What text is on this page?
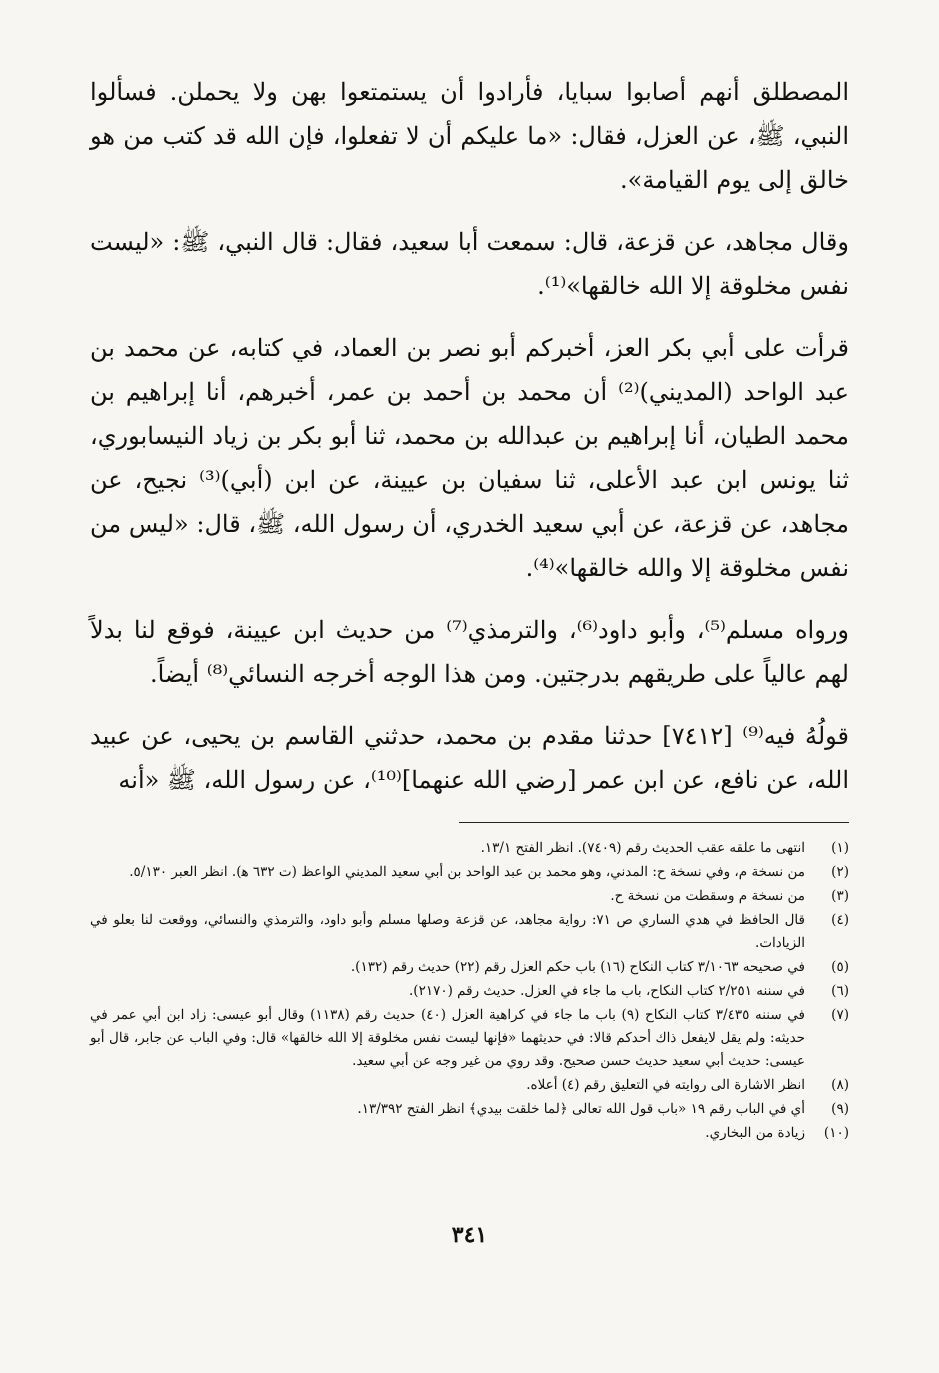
المصطلق أنهم أصابوا سبايا، فأرادوا أن يستمتعوا بهن ولا يحملن. فسألوا النبي، ﷺ، عن العزل، فقال: «ما عليكم أن لا تفعلوا، فإن الله قد كتب من هو خالق إلى يوم القيامة».

وقال مجاهد، عن قزعة، قال: سمعت أبا سعيد، فقال: قال النبي، ﷺ: «ليست نفس مخلوقة إلا الله خالقها»⁽¹⁾.

قرأت على أبي بكر العز، أخبركم أبو نصر بن العماد، في كتابه، عن محمد بن عبد الواحد (المديني)⁽²⁾ أن محمد بن أحمد بن عمر، أخبرهم، أنا إبراهيم بن محمد الطيان، أنا إبراهيم بن عبدالله بن محمد، ثنا أبو بكر بن زياد النيسابوري، ثنا يونس ابن عبد الأعلى، ثنا سفيان بن عيينة، عن ابن (أبي)⁽³⁾ نجيح، عن مجاهد، عن قزعة، عن أبي سعيد الخدري، أن رسول الله، ﷺ، قال: «ليس من نفس مخلوقة إلا والله خالقها»⁽⁴⁾.

ورواه مسلم⁽⁵⁾، وأبو داود⁽⁶⁾، والترمذي⁽⁷⁾ من حديث ابن عيينة، فوقع لنا بدلاً لهم عالياً على طريقهم بدرجتين. ومن هذا الوجه أخرجه النسائي⁽⁸⁾ أيضاً.

قولُهُ فيه⁽⁹⁾ [٧٤١٢] حدثنا مقدم بن محمد، حدثني القاسم بن يحيى، عن عبيد الله، عن نافع، عن ابن عمر [رضي الله عنهما]⁽¹⁰⁾، عن رسول الله، ﷺ «أنه

(١)
انتهى ما علقه عقب الحديث رقم (٧٤٠٩). انظر الفتح ١٣/١.
(٢)
من نسخة م، وفي نسخة ح: المدني، وهو محمد بن عبد الواحد بن أبي سعيد المديني الواعظ (ت ٦٣٢ ﻫ). انظر العبر ٥/١٣٠.
(٣)
من نسخة م وسقطت من نسخة ح.
(٤)
قال الحافظ في هدي الساري ص ٧١: رواية مجاهد، عن قزعة وصلها مسلم وأبو داود، والترمذي والنسائي، ووقعت لنا بعلو في الزيادات.
(٥)
في صحيحه ٣/١٠٦٣ كتاب النكاح (١٦) باب حكم العزل رقم (٢٢) حديث رقم (١٣٢).
(٦)
في سننه ٢/٢٥١ كتاب النكاح، باب ما جاء في العزل. حديث رقم (٢١٧٠).
(٧)
في سننه ٣/٤٣٥ كتاب النكاح (٩) باب ما جاء في كراهية العزل (٤٠) حديث رقم (١١٣٨) وقال أبو عيسى: زاد ابن أبي عمر في حديثه: ولم يقل لايفعل ذاك أحدكم قالا: في حديثهما «فإنها ليست نفس مخلوقة إلا الله خالقها» قال: وفي الباب عن جابر، قال أبو عيسى: حديث أبي سعيد حديث حسن صحيح. وقد روي من غير وجه عن أبي سعيد.
(٨)
انظر الاشارة الى روايته في التعليق رقم (٤) أعلاه.
(٩)
أي في الباب رقم ١٩ «باب قول الله تعالى ﴿لما خلقت بيدي﴾ انظر الفتح ١٣/٣٩٢.
(١٠)
زيادة من البخاري.
٣٤١
